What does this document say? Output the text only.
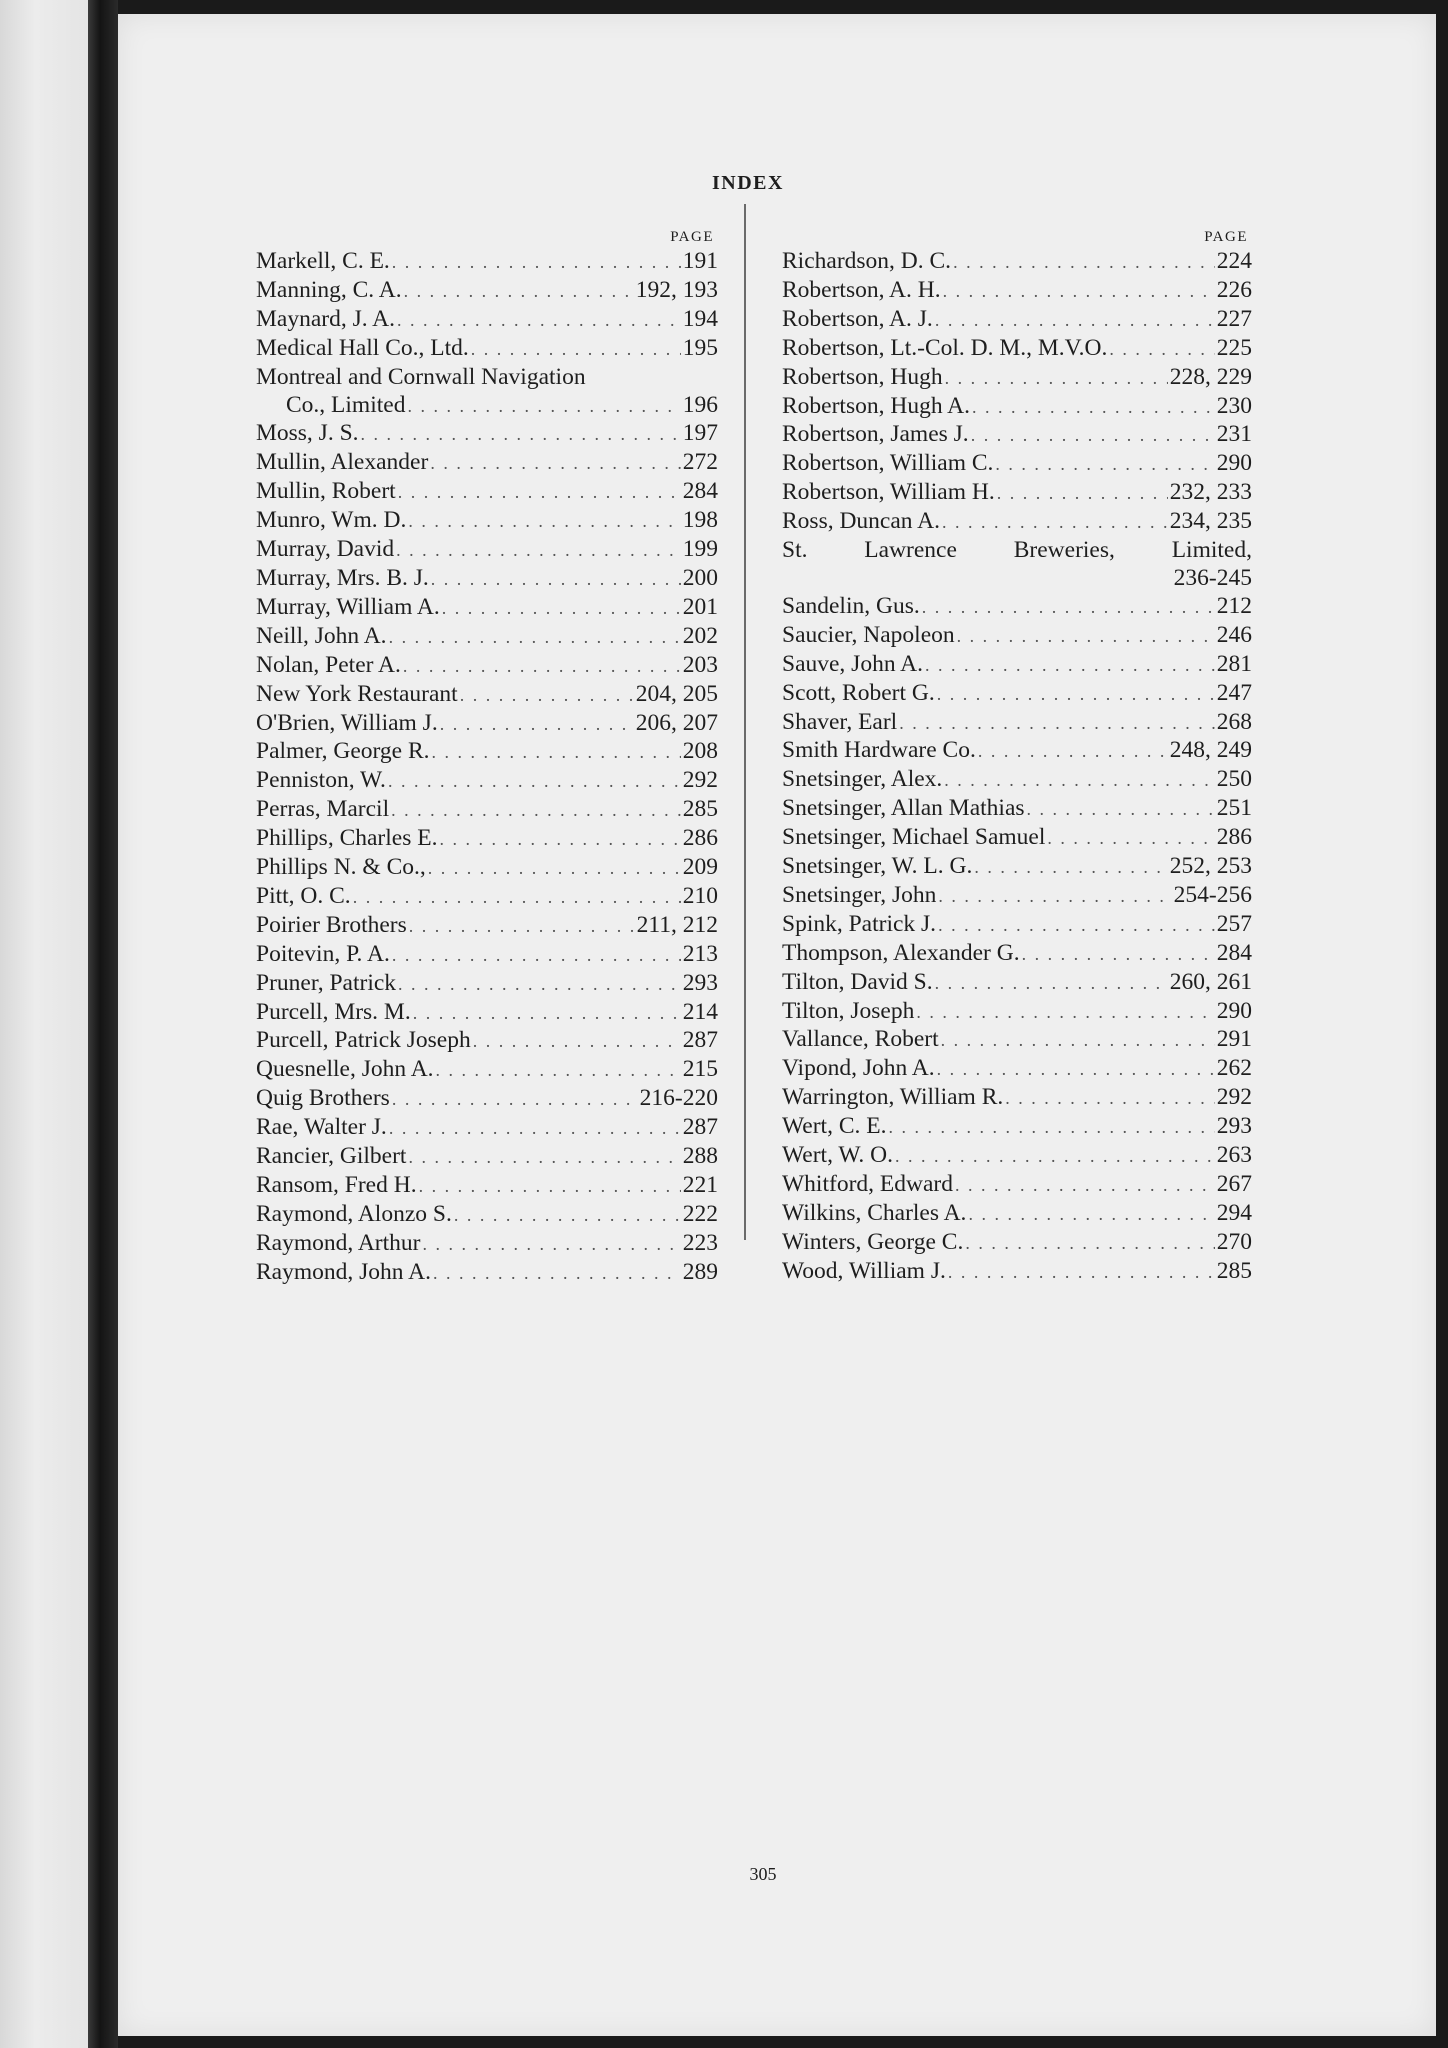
INDEX
PAGE
Markell, C. E. . . .	191
Manning, C. A. . . .	192, 193
Maynard, J. A. . . .	194
Medical Hall Co., Ltd. . . .	195
Montreal and Cornwall Navigation
Co., Limited . . .	196
Moss, J. S. . . .	197
Mullin, Alexander . . .	272
Mullin, Robert . . .	284
Munro, Wm. D. . . .	198
Murray, David . . .	199
Murray, Mrs. B. J. . . .	200
Murray, William A. . . .	201
Neill, John A. . . .	202
Nolan, Peter A. . . .	203
New York Restaurant . . .	204, 205
O'Brien, William J. . . .	206, 207
Palmer, George R. . . .	208
Penniston, W. . . .	292
Perras, Marcil . . .	285
Phillips, Charles E. . . .	286
Phillips N. & Co., . . .	209
Pitt, O. C. . . .	210
Poirier Brothers . . .	211, 212
Poitevin, P. A. . . .	213
Pruner, Patrick . . .	293
Purcell, Mrs. M. . . .	214
Purcell, Patrick Joseph . . .	287
Quesnelle, John A. . . .	215
Quig Brothers . . .	216-220
Rae, Walter J. . . .	287
Rancier, Gilbert . . .	288
Ransom, Fred H. . . .	221
Raymond, Alonzo S. . . .	222
Raymond, Arthur . . .	223
Raymond, John A. . . .	289
PAGE
Richardson, D. C. . . .	224
Robertson, A. H. . . .	226
Robertson, A. J. . . .	227
Robertson, Lt.-Col. D. M., M.V.O. . . .	225
Robertson, Hugh . . .	228, 229
Robertson, Hugh A. . . .	230
Robertson, James J. . . .	231
Robertson, William C. . . .	290
Robertson, William H. . . .	232, 233
Ross, Duncan A. . . .	234, 235
St. Lawrence Breweries, Limited,
236-245
Sandelin, Gus. . . .	212
Saucier, Napoleon . . .	246
Sauve, John A. . . .	281
Scott, Robert G. . . .	247
Shaver, Earl . . .	268
Smith Hardware Co. . . .	248, 249
Snetsinger, Alex. . . .	250
Snetsinger, Allan Mathias . . .	251
Snetsinger, Michael Samuel . . .	286
Snetsinger, W. L. G. . . .	252, 253
Snetsinger, John . . .	254-256
Spink, Patrick J. . . .	257
Thompson, Alexander G. . . .	284
Tilton, David S. . . .	260, 261
Tilton, Joseph . . .	290
Vallance, Robert . . .	291
Vipond, John A. . . .	262
Warrington, William R. . . .	292
Wert, C. E. . . .	293
Wert, W. O. . . .	263
Whitford, Edward . . .	267
Wilkins, Charles A. . . .	294
Winters, George C. . . .	270
Wood, William J. . . .	285
305
